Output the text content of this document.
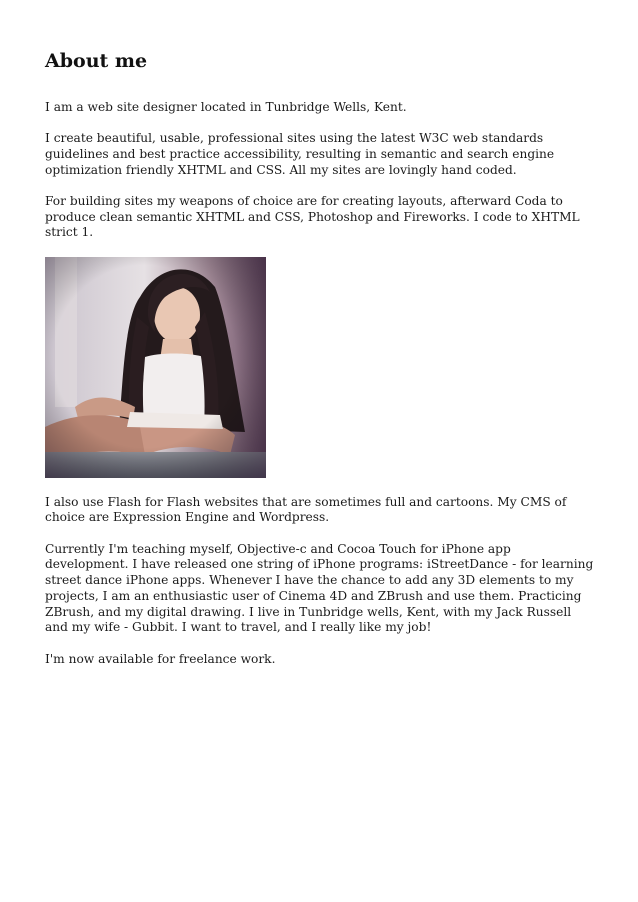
About me

I am a web site designer located in Tunbridge Wells, Kent.

I create beautiful, usable, professional sites using the latest W3C web standards guidelines and best practice accessibility, resulting in semantic and search engine optimization friendly XHTML and CSS. All my sites are lovingly hand coded.

For building sites my weapons of choice are for creating layouts, afterward Coda to produce clean semantic XHTML and CSS, Photoshop and Fireworks. I code to XHTML strict 1.

I also use Flash for Flash websites that are sometimes full and cartoons. My CMS of choice are Expression Engine and Wordpress.

Currently I'm teaching myself, Objective-c and Cocoa Touch for iPhone app development. I have released one string of iPhone programs: iStreetDance - for learning street dance iPhone apps. Whenever I have the chance to add any 3D elements to my projects, I am an enthusiastic user of Cinema 4D and ZBrush and use them. Practicing ZBrush, and my digital drawing. I live in Tunbridge wells, Kent, with my Jack Russell and my wife - Gubbit. I want to travel, and I really like my job!

I'm now available for freelance work.
